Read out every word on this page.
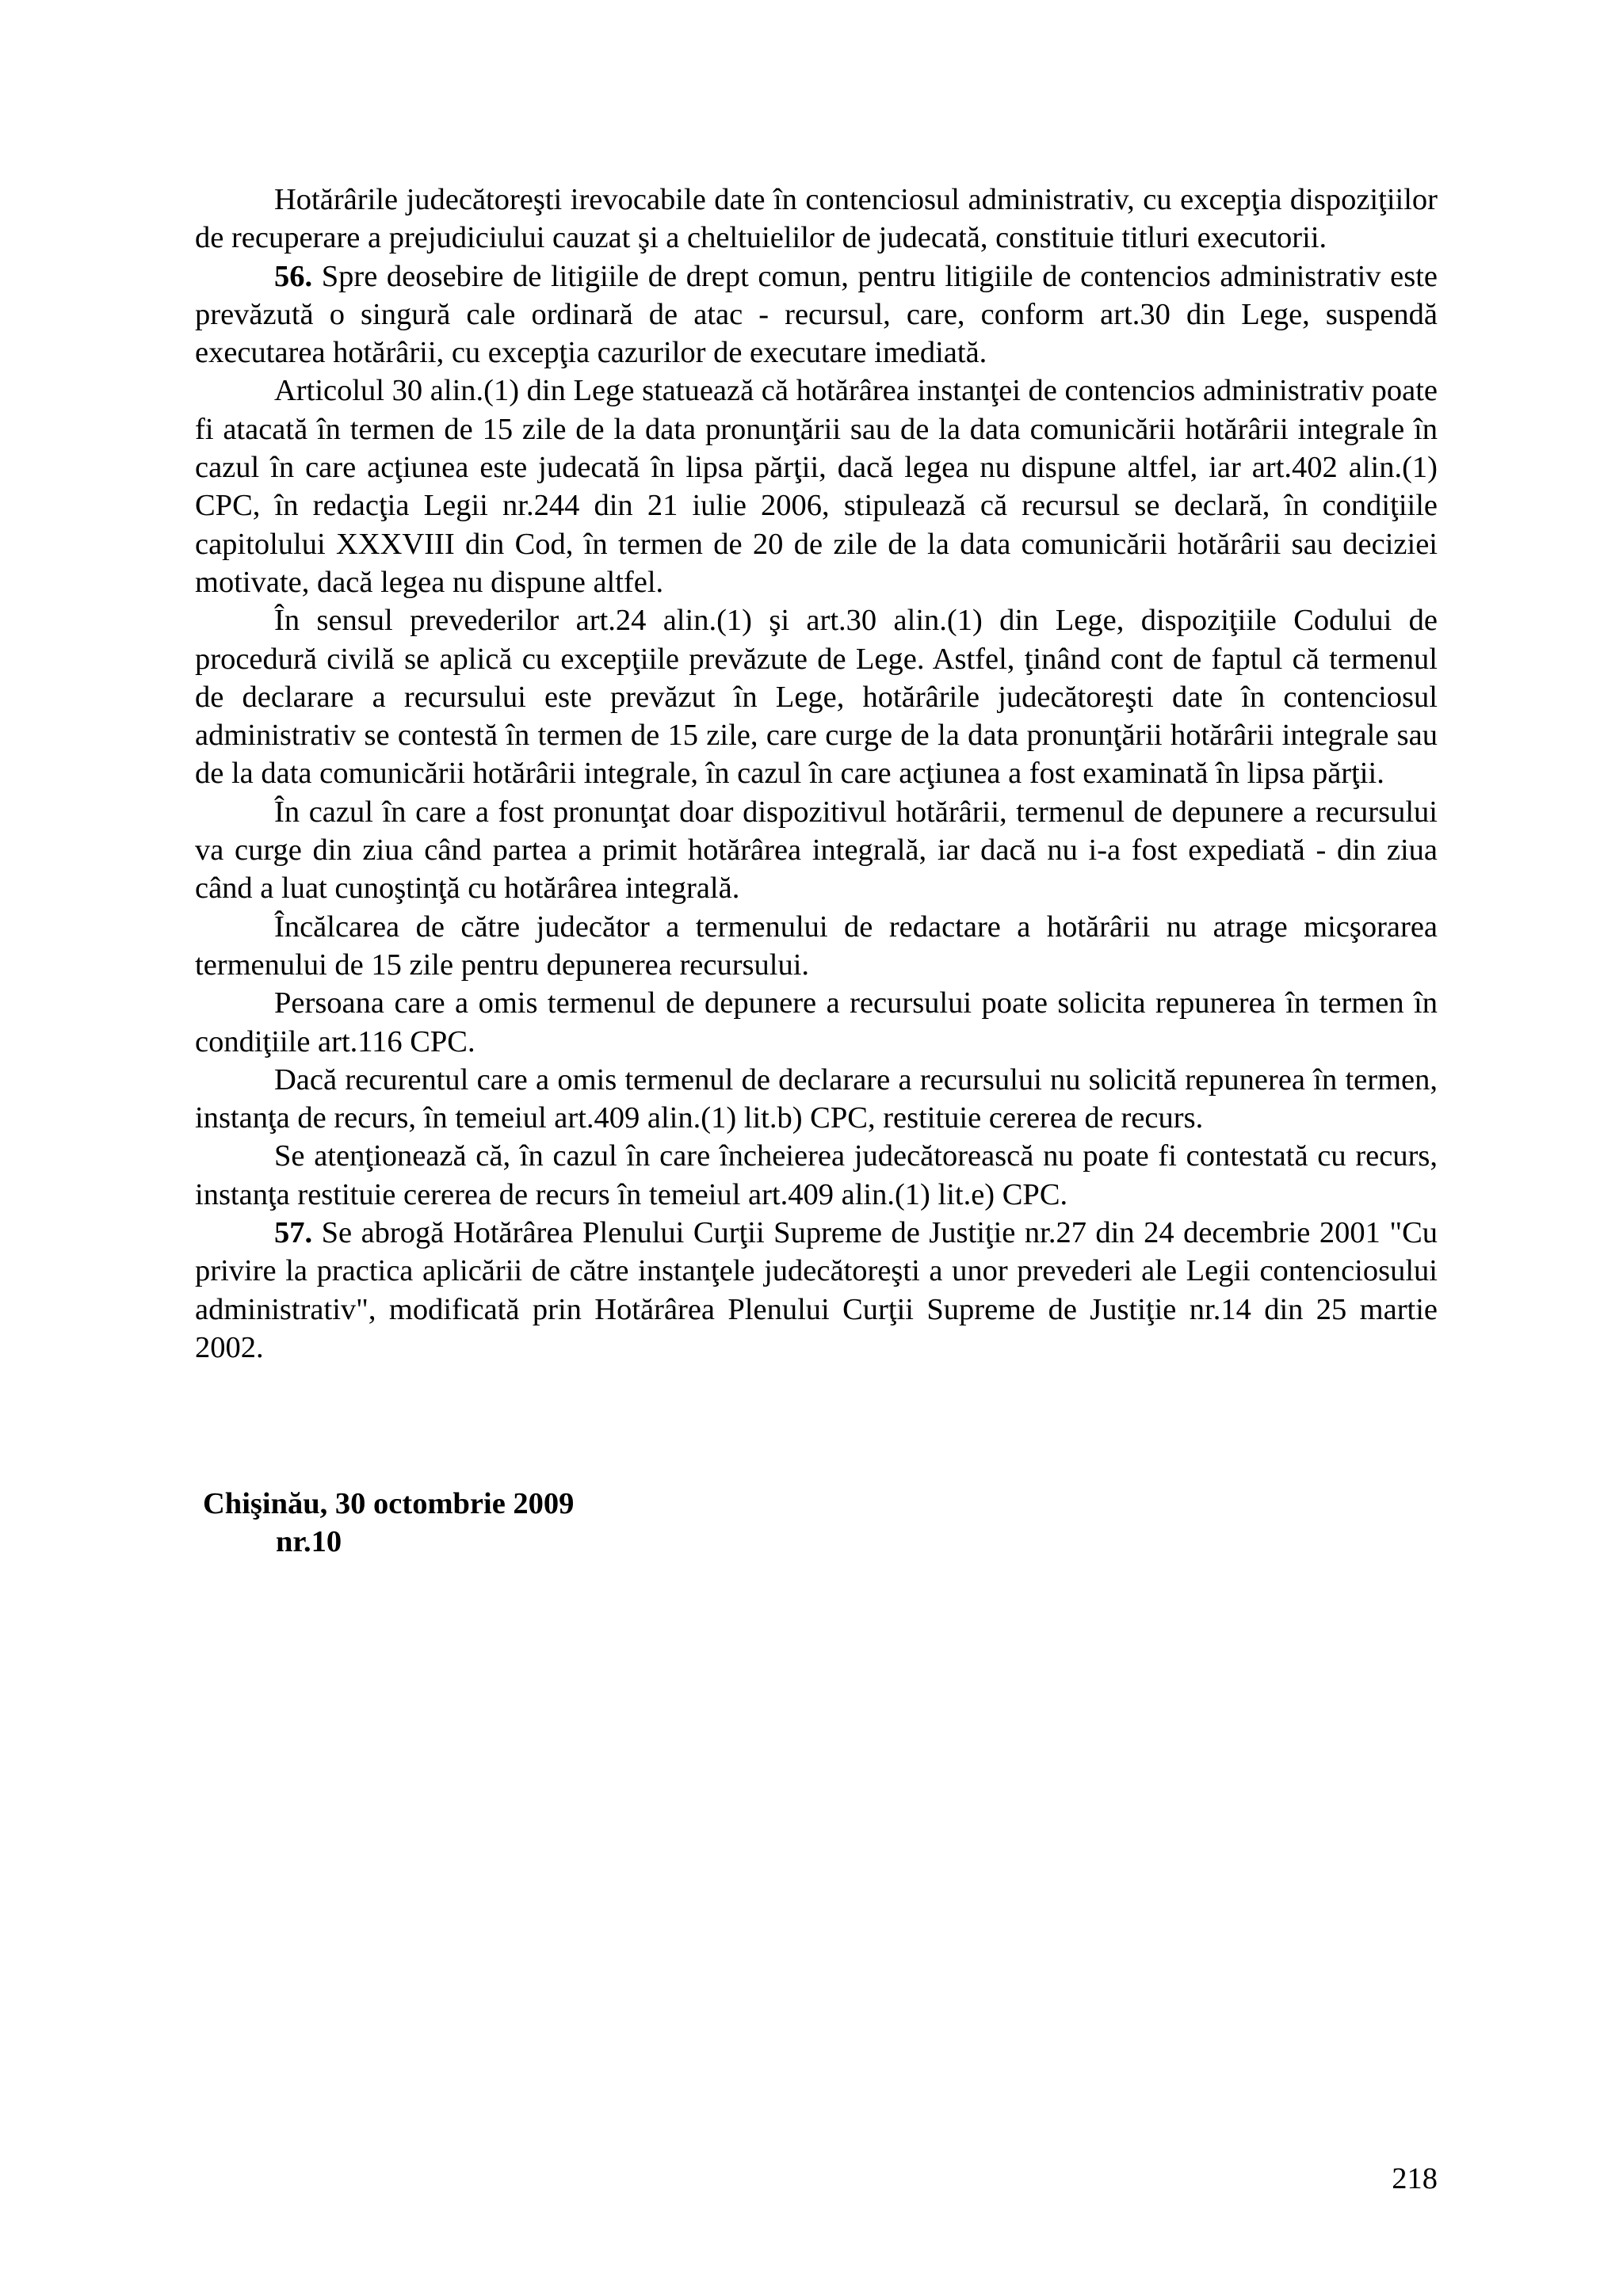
Hotărârile judecătoreşti irevocabile date în contenciosul administrativ, cu excepţia dispoziţiilor de recuperare a prejudiciului cauzat şi a cheltuielilor de judecată, constituie titluri executorii.

56. Spre deosebire de litigiile de drept comun, pentru litigiile de contencios administrativ este prevăzută o singură cale ordinară de atac - recursul, care, conform art.30 din Lege, suspendă executarea hotărârii, cu excepţia cazurilor de executare imediată.

Articolul 30 alin.(1) din Lege statuează că hotărârea instanţei de contencios administrativ poate fi atacată în termen de 15 zile de la data pronunţării sau de la data comunicării hotărârii integrale în cazul în care acţiunea este judecată în lipsa părţii, dacă legea nu dispune altfel, iar art.402 alin.(1) CPC, în redacţia Legii nr.244 din 21 iulie 2006, stipulează că recursul se declară, în condiţiile capitolului XXXVIII din Cod, în termen de 20 de zile de la data comunicării hotărârii sau deciziei motivate, dacă legea nu dispune altfel.

În sensul prevederilor art.24 alin.(1) şi art.30 alin.(1) din Lege, dispoziţiile Codului de procedură civilă se aplică cu excepţiile prevăzute de Lege. Astfel, ţinând cont de faptul că termenul de declarare a recursului este prevăzut în Lege, hotărârile judecătoreşti date în contenciosul administrativ se contestă în termen de 15 zile, care curge de la data pronunţării hotărârii integrale sau de la data comunicării hotărârii integrale, în cazul în care acţiunea a fost examinată în lipsa părţii.

În cazul în care a fost pronunţat doar dispozitivul hotărârii, termenul de depunere a recursului va curge din ziua când partea a primit hotărârea integrală, iar dacă nu i-a fost expediată - din ziua când a luat cunoştinţă cu hotărârea integrală.

Încălcarea de către judecător a termenului de redactare a hotărârii nu atrage micşorarea termenului de 15 zile pentru depunerea recursului.

Persoana care a omis termenul de depunere a recursului poate solicita repunerea în termen în condiţiile art.116 CPC.

Dacă recurentul care a omis termenul de declarare a recursului nu solicită repunerea în termen, instanţa de recurs, în temeiul art.409 alin.(1) lit.b) CPC, restituie cererea de recurs.

Se atenţionează că, în cazul în care încheierea judecătorească nu poate fi contestată cu recurs, instanţa restituie cererea de recurs în temeiul art.409 alin.(1) lit.e) CPC.

57. Se abrogă Hotărârea Plenului Curţii Supreme de Justiţie nr.27 din 24 decembrie 2001 "Cu privire la practica aplicării de către instanţele judecătoreşti a unor prevederi ale Legii contenciosului administrativ", modificată prin Hotărârea Plenului Curţii Supreme de Justiţie nr.14 din 25 martie 2002.

Chişinău, 30 octombrie 2009
nr.10
218
